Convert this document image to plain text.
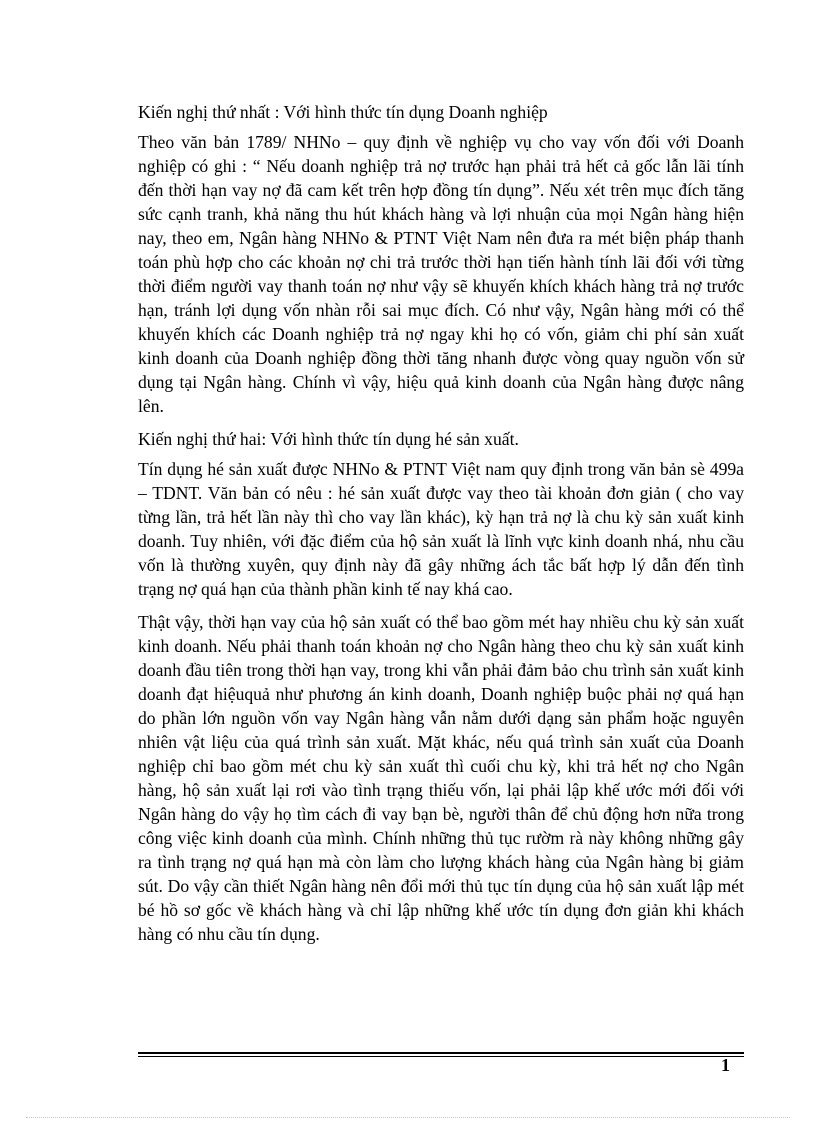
Kiến nghị thứ nhất : Với hình thức tín dụng Doanh nghiệp

Theo văn bản 1789/ NHNo – quy định về nghiệp vụ cho vay vốn đối với Doanh nghiệp có ghi : “ Nếu doanh nghiệp trả nợ trước hạn phải trả hết cả gốc lẫn lãi tính đến thời hạn vay nợ đã cam kết trên hợp đồng tín dụng”. Nếu xét trên mục đích tăng sức cạnh tranh, khả năng thu hút khách hàng và lợi nhuận của mọi Ngân hàng hiện nay, theo em, Ngân hàng NHNo & PTNT Việt Nam nên đưa ra mét biện pháp thanh toán phù hợp cho các khoản nợ chi trả trước thời hạn tiến hành tính lãi đối với từng thời điểm người vay thanh toán nợ như vậy sẽ khuyến khích khách hàng trả nợ trước hạn, tránh lợi dụng vốn nhàn rỗi sai mục đích. Có như vậy, Ngân hàng mới có thể khuyến khích các Doanh nghiệp trả nợ ngay khi họ có vốn, giảm chi phí sản xuất kinh doanh của Doanh nghiệp đồng thời tăng nhanh được vòng quay nguồn vốn sử dụng tại Ngân hàng. Chính vì vậy, hiệu quả kinh doanh của Ngân hàng được nâng lên.

Kiến nghị thứ hai: Với hình thức tín dụng hé sản xuất.

Tín dụng hé sản xuất được NHNo & PTNT Việt nam quy định trong văn bản sè 499a – TDNT. Văn bản có nêu : hé sản xuất được vay theo tài khoản đơn giản ( cho vay từng lần, trả hết lần này thì cho vay lần khác), kỳ hạn trả nợ là chu kỳ sản xuất kinh doanh. Tuy nhiên, với đặc điểm của hộ sản xuất là lĩnh vực kinh doanh nhá, nhu cầu vốn là thường xuyên, quy định này đã gây những ách tắc bất hợp lý dẫn đến tình trạng nợ quá hạn của thành phần kinh tế nay khá cao.

Thật vậy, thời hạn vay của hộ sản xuất có thể bao gồm mét hay nhiều chu kỳ sản xuất kinh doanh. Nếu phải thanh toán khoản nợ cho Ngân hàng theo chu kỳ sản xuất kinh doanh đầu tiên trong thời hạn vay, trong khi vẫn phải đảm bảo chu trình sản xuất kinh doanh đạt hiệuquả như phương án kinh doanh, Doanh nghiệp buộc phải nợ quá hạn do phần lớn nguồn vốn vay Ngân hàng vẫn nằm dưới dạng sản phẩm hoặc nguyên nhiên vật liệu của quá trình sản xuất. Mặt khác, nếu quá trình sản xuất của Doanh nghiệp chỉ bao gồm mét chu kỳ sản xuất thì cuối chu kỳ, khi trả hết nợ cho Ngân hàng, hộ sản xuất lại rơi vào tình trạng thiếu vốn, lại phải lập khế ước mới đối với Ngân hàng do vậy họ tìm cách đi vay bạn bè, người thân để chủ động hơn nữa trong công việc kinh doanh của mình. Chính những thủ tục rườm rà này không những gây ra tình trạng nợ quá hạn mà còn làm cho lượng khách hàng của Ngân hàng bị giảm sút. Do vậy cần thiết Ngân hàng nên đổi mới thủ tục tín dụng của hộ sản xuất lập mét bé hồ sơ gốc về khách hàng và chỉ lập những khế ước tín dụng đơn giản khi khách hàng có nhu cầu tín dụng.

1
